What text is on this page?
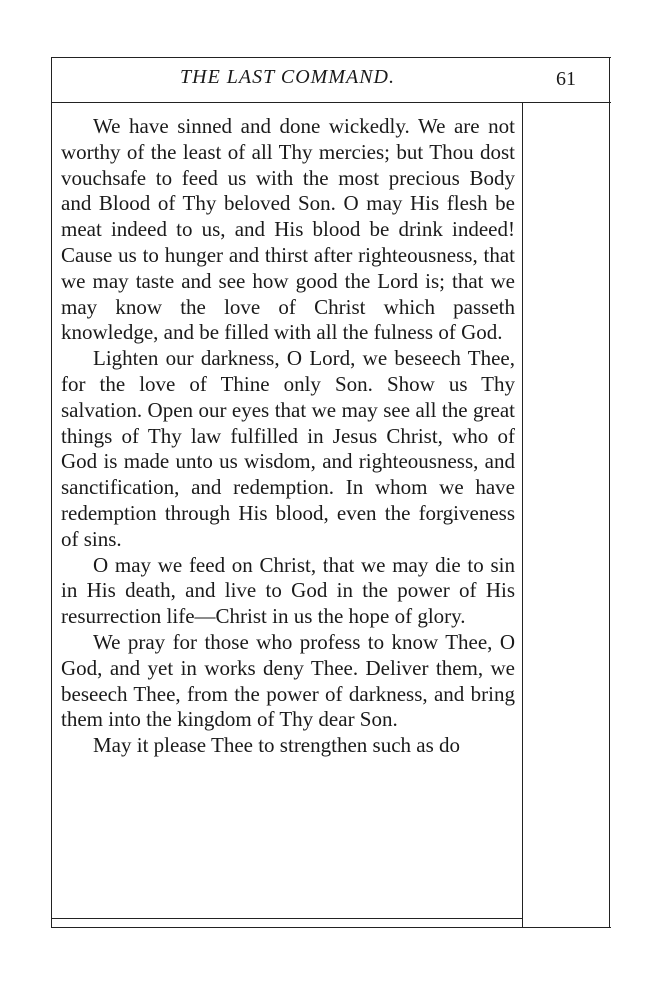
THE LAST COMMAND.	61

We have sinned and done wickedly. We are not worthy of the least of all Thy mercies; but Thou dost vouchsafe to feed us with the most precious Body and Blood of Thy beloved Son. O may His flesh be meat indeed to us, and His blood be drink indeed! Cause us to hunger and thirst after righteousness, that we may taste and see how good the Lord is; that we may know the love of Christ which passeth knowledge, and be filled with all the fulness of God.

Lighten our darkness, O Lord, we beseech Thee, for the love of Thine only Son. Show us Thy salvation. Open our eyes that we may see all the great things of Thy law fulfilled in Jesus Christ, who of God is made unto us wisdom, and righteousness, and sanctification, and redemption. In whom we have redemption through His blood, even the forgiveness of sins.

O may we feed on Christ, that we may die to sin in His death, and live to God in the power of His resurrection life—Christ in us the hope of glory.

We pray for those who profess to know Thee, O God, and yet in works deny Thee. Deliver them, we beseech Thee, from the power of darkness, and bring them into the kingdom of Thy dear Son.

May it please Thee to strengthen such as do
